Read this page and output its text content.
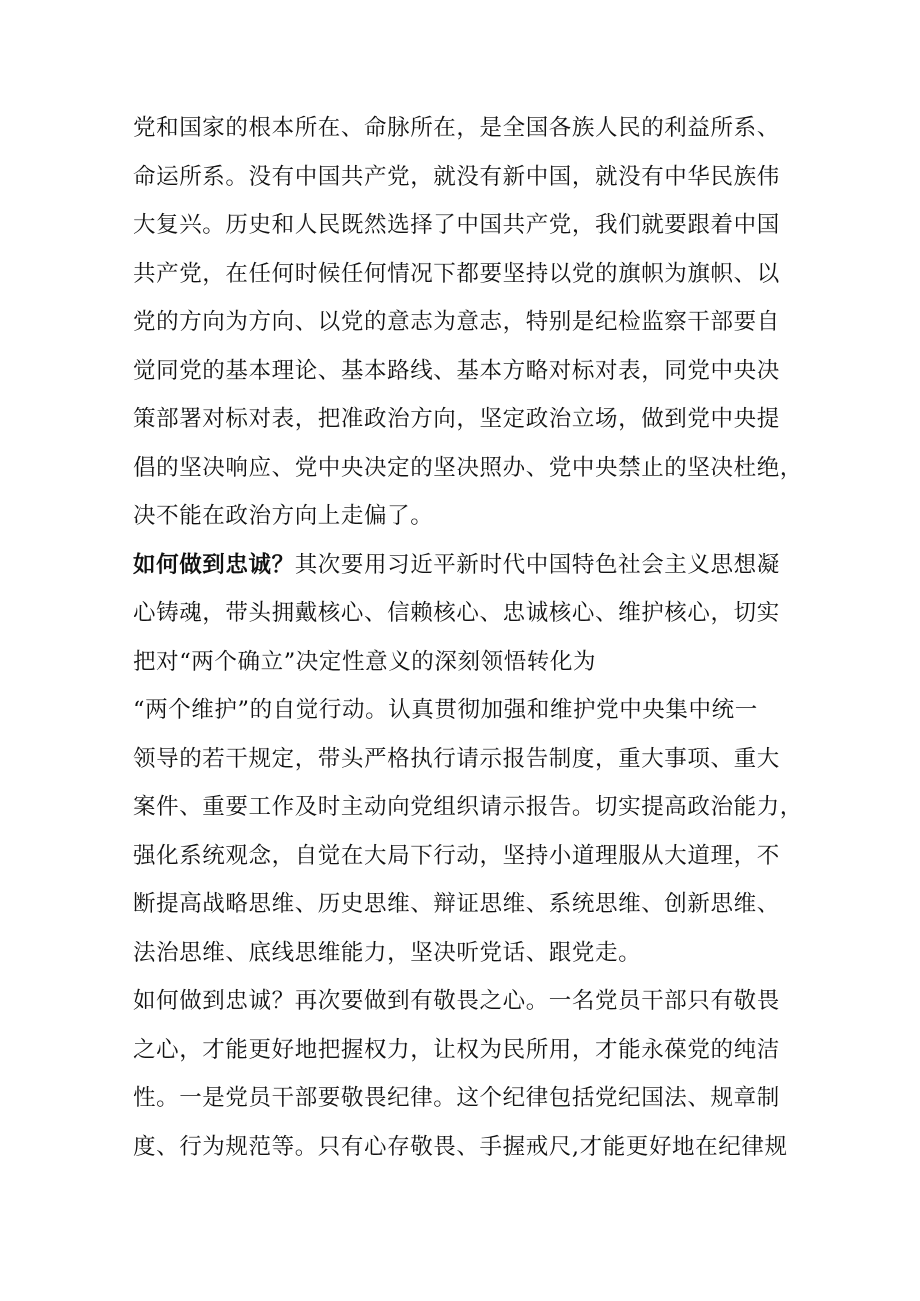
党和国家的根本所在、命脉所在，是全国各族人民的利益所系、
命运所系。没有中国共产党，就没有新中国，就没有中华民族伟
大复兴。历史和人民既然选择了中国共产党，我们就要跟着中国
共产党，在任何时候任何情况下都要坚持以党的旗帜为旗帜、以
党的方向为方向、以党的意志为意志，特别是纪检监察干部要自
觉同党的基本理论、基本路线、基本方略对标对表，同党中央决
策部署对标对表，把准政治方向，坚定政治立场，做到党中央提
倡的坚决响应、党中央决定的坚决照办、党中央禁止的坚决杜绝，
决不能在政治方向上走偏了。
如何做到忠诚？其次要用习近平新时代中国特色社会主义思想凝
心铸魂，带头拥戴核心、信赖核心、忠诚核心、维护核心，切实
把对“两个确立”决定性意义的深刻领悟转化为
“两个维护”的自觉行动。认真贯彻加强和维护党中央集中统一
领导的若干规定，带头严格执行请示报告制度，重大事项、重大
案件、重要工作及时主动向党组织请示报告。切实提高政治能力，
强化系统观念，自觉在大局下行动，坚持小道理服从大道理，不
断提高战略思维、历史思维、辩证思维、系统思维、创新思维、
法治思维、底线思维能力，坚决听党话、跟党走。
如何做到忠诚？再次要做到有敬畏之心。一名党员干部只有敬畏
之心，才能更好地把握权力，让权为民所用，才能永葆党的纯洁
性。一是党员干部要敬畏纪律。这个纪律包括党纪国法、规章制
度、行为规范等。只有心存敬畏、手握戒尺,才能更好地在纪律规
